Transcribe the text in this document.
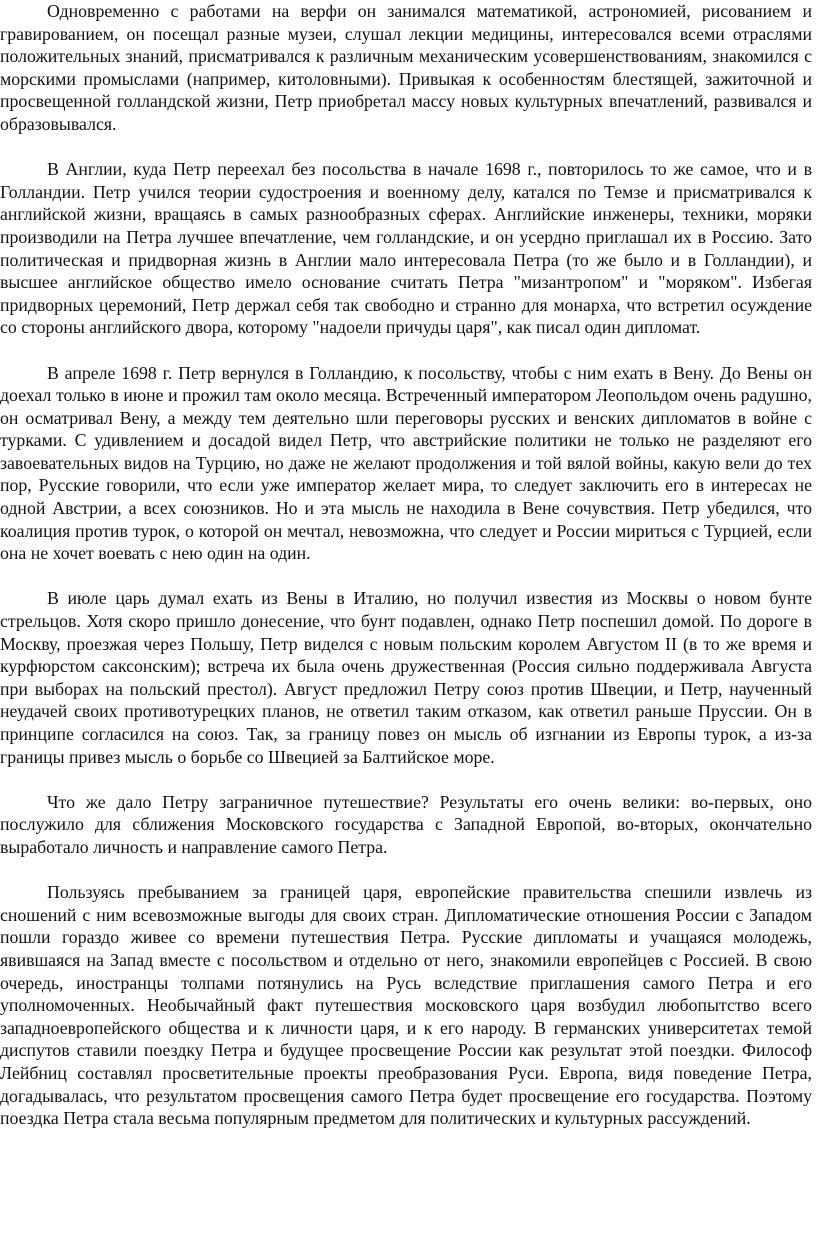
Одновременно с работами на верфи он занимался математикой, астрономией, рисованием и гравированием, он посещал разные музеи, слушал лекции медицины, интересовался всеми отраслями положительных знаний, присматривался к различным механическим усовершенствованиям, знакомился с морскими промыслами (например, китоловными). Привыкая к особенностям блестящей, зажиточной и просвещенной голландской жизни, Петр приобретал массу новых культурных впечатлений, развивался и образовывался.

В Англии, куда Петр переехал без посольства в начале 1698 г., повторилось то же самое, что и в Голландии. Петр учился теории судостроения и военному делу, катался по Темзе и присматривался к английской жизни, вращаясь в самых разнообразных сферах. Английские инженеры, техники, моряки производили на Петра лучшее впечатление, чем голландские, и он усердно приглашал их в Россию. Зато политическая и придворная жизнь в Англии мало интересовала Петра (то же было и в Голландии), и высшее английское общество имело основание считать Петра "мизантропом" и "моряком". Избегая придворных церемоний, Петр держал себя так свободно и странно для монарха, что встретил осуждение со стороны английского двора, которому "надоели причуды царя", как писал один дипломат.

В апреле 1698 г. Петр вернулся в Голландию, к посольству, чтобы с ним ехать в Вену. До Вены он доехал только в июне и прожил там около месяца. Встреченный императором Леопольдом очень радушно, он осматривал Вену, а между тем деятельно шли переговоры русских и венских дипломатов в войне с турками. С удивлением и досадой видел Петр, что австрийские политики не только не разделяют его завоевательных видов на Турцию, но даже не желают продолжения и той вялой войны, какую вели до тех пор, Русские говорили, что если уже император желает мира, то следует заключить его в интересах не одной Австрии, а всех союзников. Но и эта мысль не находила в Вене сочувствия. Петр убедился, что коалиция против турок, о которой он мечтал, невозможна, что следует и России мириться с Турцией, если она не хочет воевать с нею один на один.

В июле царь думал ехать из Вены в Италию, но получил известия из Москвы о новом бунте стрельцов. Хотя скоро пришло донесение, что бунт подавлен, однако Петр поспешил домой. По дороге в Москву, проезжая через Польшу, Петр виделся с новым польским королем Августом II (в то же время и курфюрстом саксонским); встреча их была очень дружественная (Россия сильно поддерживала Августа при выборах на польский престол). Август предложил Петру союз против Швеции, и Петр, наученный неудачей своих противотурецких планов, не ответил таким отказом, как ответил раньше Пруссии. Он в принципе согласился на союз. Так, за границу повез он мысль об изгнании из Европы турок, а из-за границы привез мысль о борьбе со Швецией за Балтийское море.

Что же дало Петру заграничное путешествие? Результаты его очень велики: во-первых, оно послужило для сближения Московского государства с Западной Европой, во-вторых, окончательно выработало личность и направление самого Петра.

Пользуясь пребыванием за границей царя, европейские правительства спешили извлечь из сношений с ним всевозможные выгоды для своих стран. Дипломатические отношения России с Западом пошли гораздо живее со времени путешествия Петра. Русские дипломаты и учащаяся молодежь, явившаяся на Запад вместе с посольством и отдельно от него, знакомили европейцев с Россией. В свою очередь, иностранцы толпами потянулись на Русь вследствие приглашения самого Петра и его уполномоченных. Необычайный факт путешествия московского царя возбудил любопытство всего западноевропейского общества и к личности царя, и к его народу. В германских университетах темой диспутов ставили поездку Петра и будущее просвещение России как результат этой поездки. Философ Лейбниц составлял просветительные проекты преобразования Руси. Европа, видя поведение Петра, догадывалась, что результатом просвещения самого Петра будет просвещение его государства. Поэтому поездка Петра стала весьма популярным предметом для политических и культурных рассуждений.
